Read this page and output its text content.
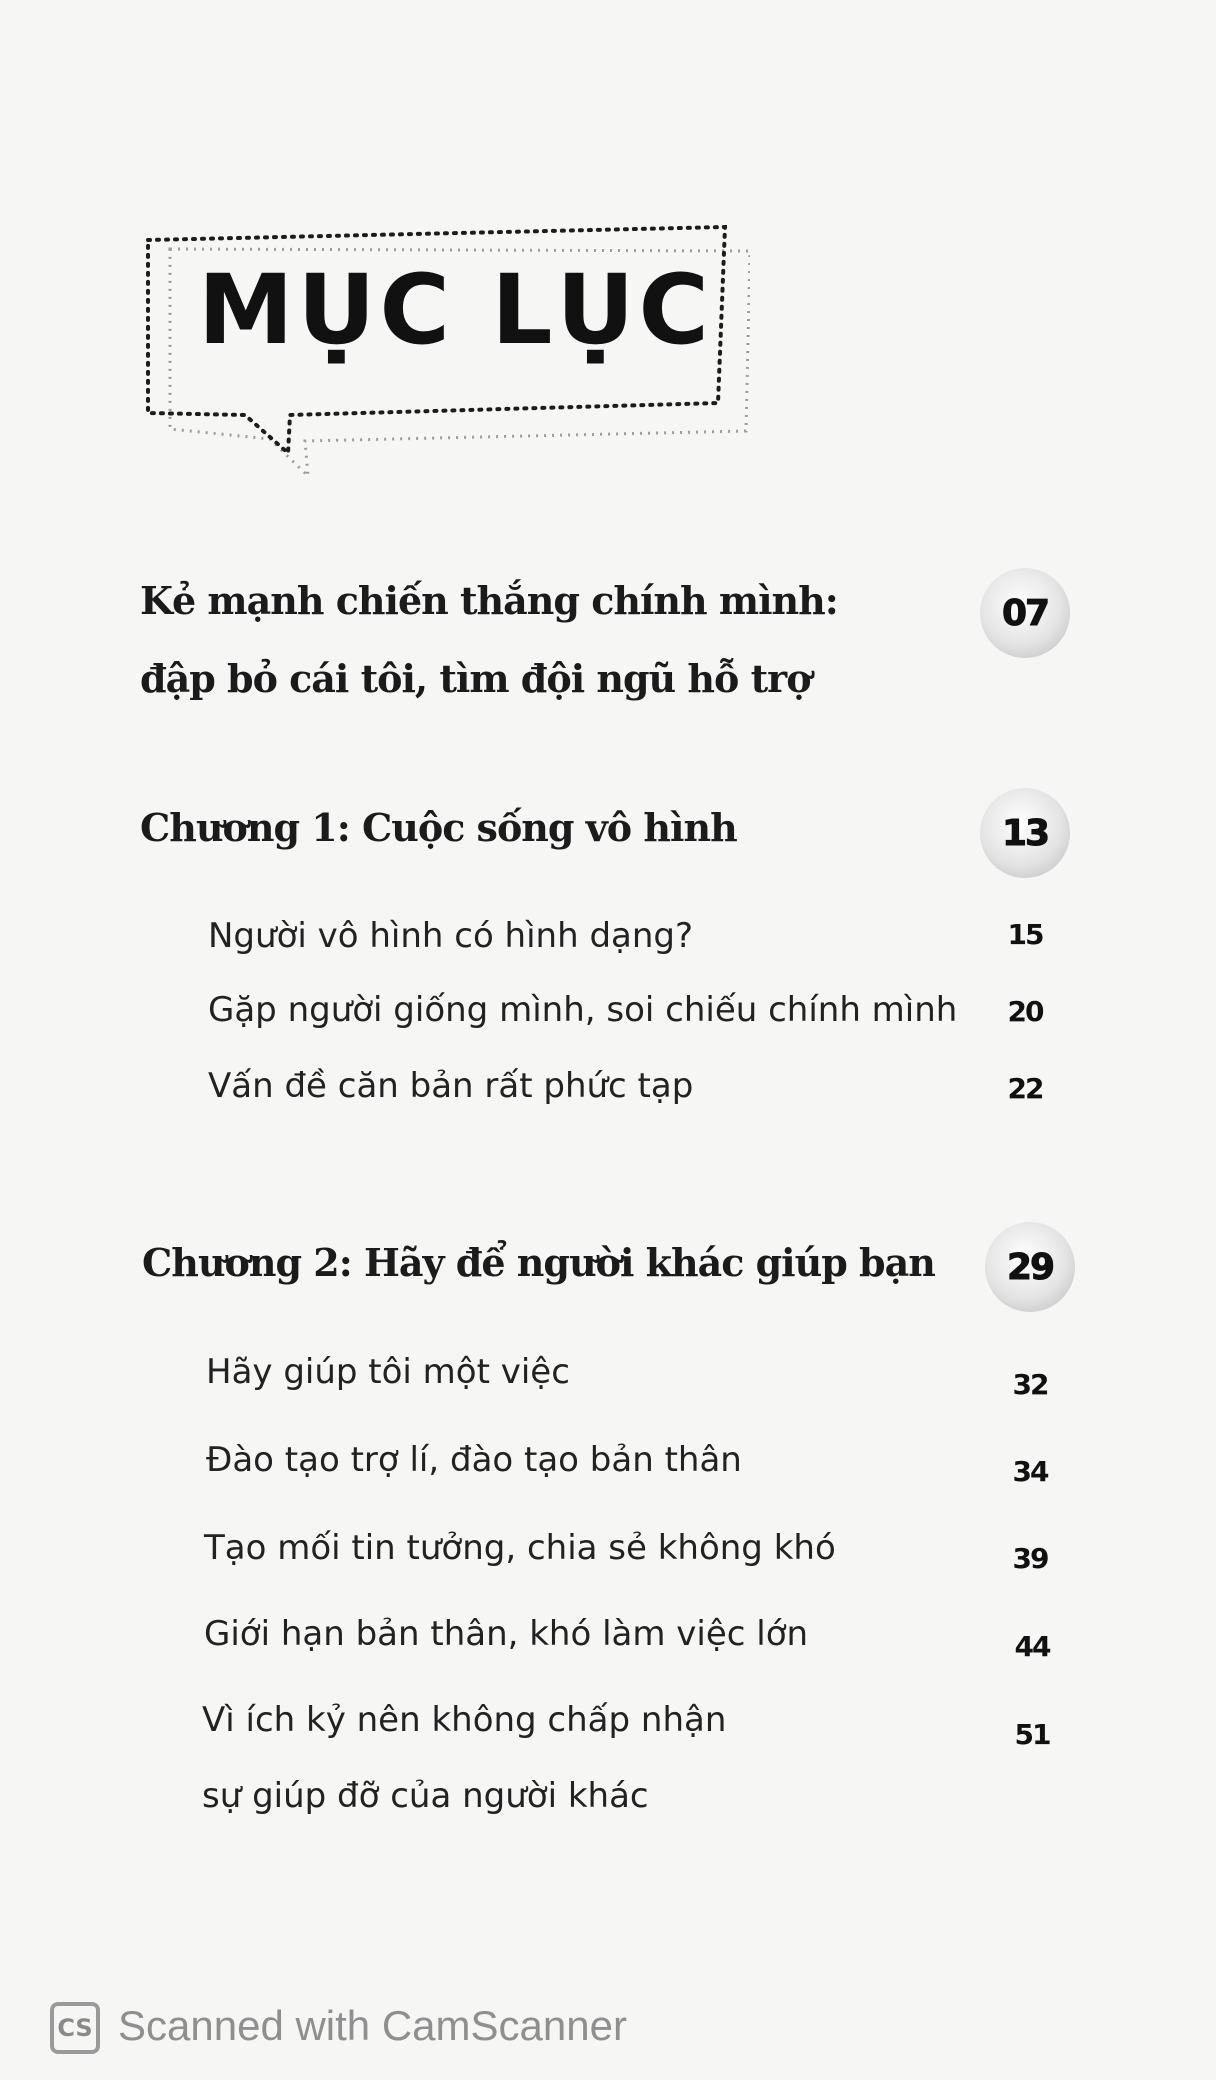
MỤC LỤC
Kẻ mạnh chiến thắng chính mình:
đập bỏ cái tôi, tìm đội ngũ hỗ trợ
07
Chương 1: Cuộc sống vô hình	13
Người vô hình có hình dạng?	15
Gặp người giống mình, soi chiếu chính mình	20
Vấn đề căn bản rất phức tạp	22
Chương 2: Hãy để người khác giúp bạn 29
Hãy giúp tôi một việc	32
Đào tạo trợ lí, đào tạo bản thân	34
Tạo mối tin tưởng, chia sẻ không khó	39
Giới hạn bản thân, khó làm việc lớn	44
Vì ích kỷ nên không chấp nhận
sự giúp đỡ của người khác
51
CS Scanned with CamScanner
